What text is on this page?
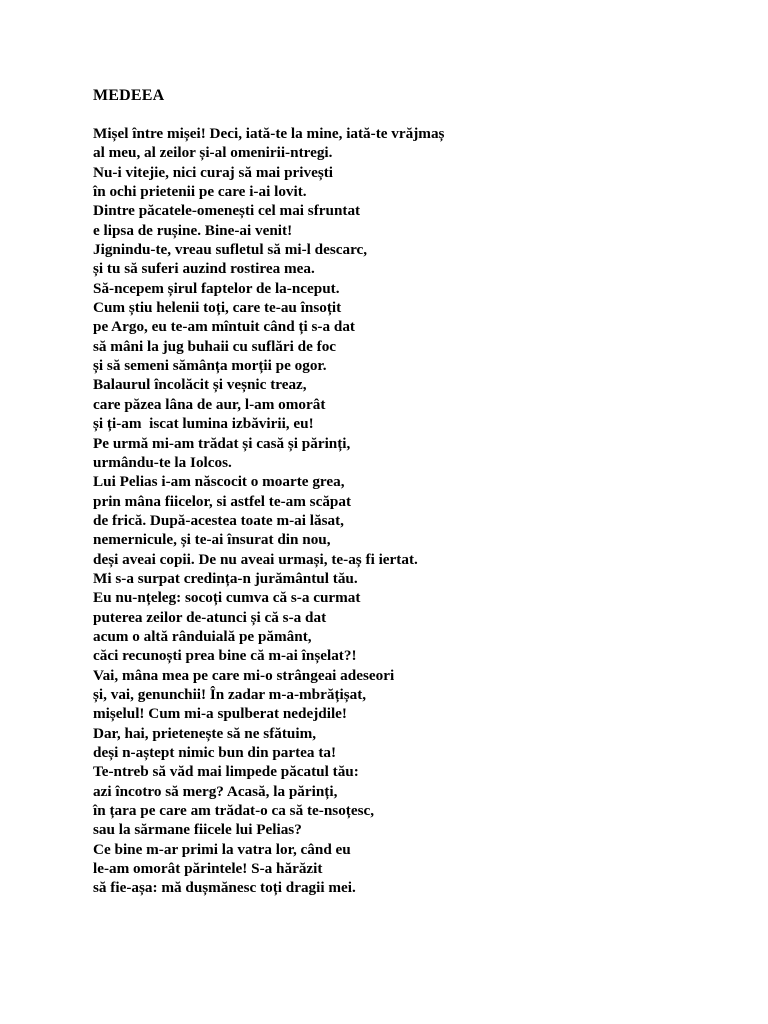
MEDEEA
Mișel între mișei! Deci, iată-te la mine, iată-te vrăjmaș
al meu, al zeilor și-al omenirii-ntregi.
Nu-i vitejie, nici curaj să mai privești
în ochi prietenii pe care i-ai lovit.
Dintre păcatele-omenești cel mai sfruntat
e lipsa de rușine. Bine-ai venit!
Jignindu-te, vreau sufletul să mi-l descarc,
și tu să suferi auzind rostirea mea.
Să-ncepem șirul faptelor de la-nceput.
Cum știu helenii toți, care te-au însoțit
pe Argo, eu te-am mîntuit când ți s-a dat
să mâni la jug buhaii cu suflări de foc
și să semeni sămânța morții pe ogor.
Balaurul încolăcit și veșnic treaz,
care păzea lâna de aur, l-am omorât
și ți-am  iscat lumina izbăvirii, eu!
Pe urmă mi-am trădat și casă și părinți,
urmându-te la Iolcos.
Lui Pelias i-am născocit o moarte grea,
prin mâna fiicelor, si astfel te-am scăpat
de frică. După-acestea toate m-ai lăsat,
nemernicule, și te-ai însurat din nou,
deși aveai copii. De nu aveai urmași, te-aș fi iertat.
Mi s-a surpat credința-n jurământul tău.
Eu nu-nțeleg: socoți cumva că s-a curmat
puterea zeilor de-atunci și că s-a dat
acum o altă rânduială pe pământ,
căci recunoști prea bine că m-ai înșelat?!
Vai, mâna mea pe care mi-o strângeai adeseori
și, vai, genunchii! În zadar m-a-mbrățișat,
mișelul! Cum mi-a spulberat nedejdile!
Dar, hai, prietenește să ne sfătuim,
deși n-aștept nimic bun din partea ta!
Te-ntreb să văd mai limpede păcatul tău:
azi încotro să merg? Acasă, la părinți,
în țara pe care am trădat-o ca să te-nsoțesc,
sau la sărmane fiicele lui Pelias?
Ce bine m-ar primi la vatra lor, când eu
le-am omorât părintele! S-a hărăzit
să fie-așa: mă dușmănesc toți dragii mei.
